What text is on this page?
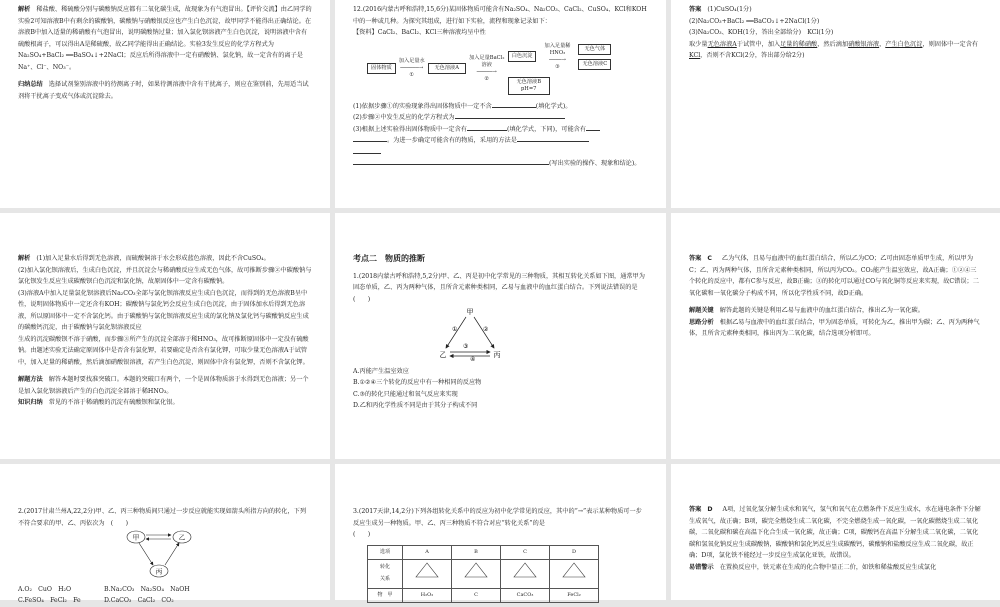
解析 稀盐酸、稀硫酸分别与碳酸钠反应都有二氧化碳生成，故现象为有气泡冒出。【评价交流】由乙同学的实验2可知溶液B中有剩余的碳酸钠，碳酸钠与硝酸银反应也产生白色沉淀，故甲同学不能得出正确结论。在溶液B中加入适量的稀硝酸有气泡冒出，说明碳酸钠过量；加入氯化钡溶液产生白色沉淀，说明溶液中含有硫酸根离子，可以得出A是稀硫酸，故乙同学能得出正确结论。实验3发生反应的化学方程式为Na₂SO₄+BaCl₂ ══BaSO₄↓+2NaCl；反应后所得溶液中一定有硝酸钠、氯化钠，故一定含有的离子是Na⁺、Cl⁻、NO₃⁻。

归纳总结 选择试剂鉴别溶液中的待测离子时，如果待测溶液中含有干扰离子，则应在鉴别前，先用适当试剂将干扰离子变成气体或沉淀除去。

12.(2016内蒙古呼和浩特,15,6分)某固体物质可能含有Na₂SO₄、Na₂CO₃、CaCl₂、CuSO₄、KCl和KOH中的一种或几种。为探究其组成，进行如下实验，流程和现象记录如下：

【资料】CaCl₂、BaCl₂、KCl三种溶液均呈中性

固体物质
加入足量水
──────→
①
无色溶液A
加入足量BaCl₂溶液
─────→
②
白色沉淀
加入足量稀HNO₃
────→
③
无色气体
无色溶液C
无色溶液B pH=7

(1)依据步骤①的实验现象得出固体物质中一定不含	(填化学式)。

(2)步骤②中发生反应的化学方程式为

(3)根据上述实验得出固体物质中一定含有	(填化学式，下同)，可能含有

。为进一步确定可能含有的物质，采用的方法是

(写出实验的操作、现象和结论)。

答案 (1)CuSO₄(1分)

(2)Na₂CO₃+BaCl₂ ══BaCO₃↓+2NaCl(1分)

(3)Na₂CO₃、KOH(1分，答出全部给分)　KCl(1分)

取少量无色溶液A于试管中，加入足量的稀硝酸，然后滴加硝酸银溶液，产生白色沉淀，则固体中一定含有KCl，否则不含KCl(2分，答出部分给2分)

解析 (1)加入足量水后得到无色溶液，而硫酸铜溶于水会形成蓝色溶液，因此不含CuSO₄。

(2)加入氯化钡溶液后，生成白色沉淀，并且沉淀会与稀硝酸反应生成无色气体，故可推断步骤②中碳酸钠与氯化钡发生反应生成碳酸钡白色沉淀和氯化钠，故原固体中一定含有碳酸钠。

(3)溶液A中加入足量氯化钡溶液后Na₂CO₃全部与氯化钡溶液反应生成白色沉淀，而得到的无色溶液B呈中性，说明固体物质中一定还含有KOH；碳酸钠与氯化钙会反应生成白色沉淀，由于固体加水后得到无色溶液，所以原固体中一定不含氯化钙。由于碳酸钠与氯化钡溶液反应生成的氯化钠及氯化钙与碳酸钠反应生成的碳酸钙沉淀，由于碳酸钠与氯化钡溶液反应

生成的沉淀碳酸钡不溶于硝酸，而步骤③所产生的沉淀全部溶于稀HNO₃，故可推断原固体中一定没有硫酸钠。由题述实验无法确定原固体中是否含有氯化钾，若要确定是否含有氯化钾，可取少量无色溶液A于试管中，加入足量的稀硝酸，然后滴加硝酸银溶液，若产生白色沉淀，则固体中含有氯化钾，否则不含氯化钾。

解题方法 解答本题时要找准突破口。本题的突破口有两个，一个是固体物质溶于水得到无色溶液；另一个是加入氯化钡溶液后产生的白色沉淀全部溶于稀HNO₃。

知识归纳 常见的不溶于稀硝酸的沉淀有硫酸钡和氯化银。

考点二　物质的推断

1.(2018内蒙古呼和浩特,5,2分)甲、乙、丙是初中化学常见的三种物质，其相互转化关系如下图，通常甲为固态单质，乙、丙为两种气体，且所含元素种类相同，乙易与血液中的血红蛋白结合。下列说法错误的是(　　)

甲
乙	丙
①	②
③
④

A.丙能产生温室效应

B.①②④三个转化的反应中有一种相同的反应物

C.③的转化只能通过和氧气反应来实现

D.乙和丙化学性质不同是由于其分子构成不同

答案 C 乙为气体，且易与血液中的血红蛋白结合，所以乙为CO；乙可由固态单质甲生成，所以甲为C；乙、丙为两种气体，且所含元素种类相同，所以丙为CO₂。CO₂能产生温室效应，故A正确；①②④三个转化的反应中，都有C参与反应，故B正确；③的转化可以通过CO与氧化铜等反应来实现，故C错误；二氧化碳和一氧化碳分子构成不同，所以化学性质不同，故D正确。

解题关键 解答此题的关键是利用乙易与血液中的血红蛋白结合，推出乙为一氧化碳。

思路分析 根据乙易与血液中的血红蛋白结合，甲为固态单质，可转化为乙，推出甲为碳；乙、丙为两种气体，且所含元素种类相同，推出丙为二氧化碳，结合选项分析即可。

2.(2017甘肃兰州A,22,2分)甲、乙、丙三种物质间只通过一步反应就能实现如箭头所指方向的转化，下列不符合要求的甲、乙、丙依次为　(　　)

甲	乙
丙

A.O₂　CuO　H₂O	B.Na₂CO₃　Na₂SO₄　NaOH

C.FeSO₄　FeCl₂　Fe	D.CaCO₃　CaCl₂　CO₂

3.(2017天津,14,2分)下列各组转化关系中的反应为初中化学常见的反应，其中的“→”表示某种物质可一步反应生成另一种物质。甲、乙、丙三种物质不符合对应“转化关系”的是

(　　)

选项	A	B	C	D

转化
关系

物　 甲	H₂O₂	C	CaCO₃	FeCl₂

答案 D A项，过氧化氢分解生成水和氧气，氢气和氧气在点燃条件下反应生成水，水在通电条件下分解生成氧气，故正确；B项，碳完全燃烧生成二氧化碳，不完全燃烧生成一氧化碳，一氧化碳燃烧生成二氧化碳，二氧化碳和碳在高温下化合生成一氧化碳，故正确；C项，碳酸钙在高温下分解生成二氧化碳，二氧化碳和氢氧化钠反应生成碳酸钠，碳酸钠和氯化钙反应生成碳酸钙，碳酸钠和盐酸反应生成二氧化碳，故正确；D项，氯化铁不能经过一步反应生成氯化亚铁，故错误。

易错警示 在置换反应中，铁元素在生成的化合物中显正二价，如铁和稀盐酸反应生成氯化
